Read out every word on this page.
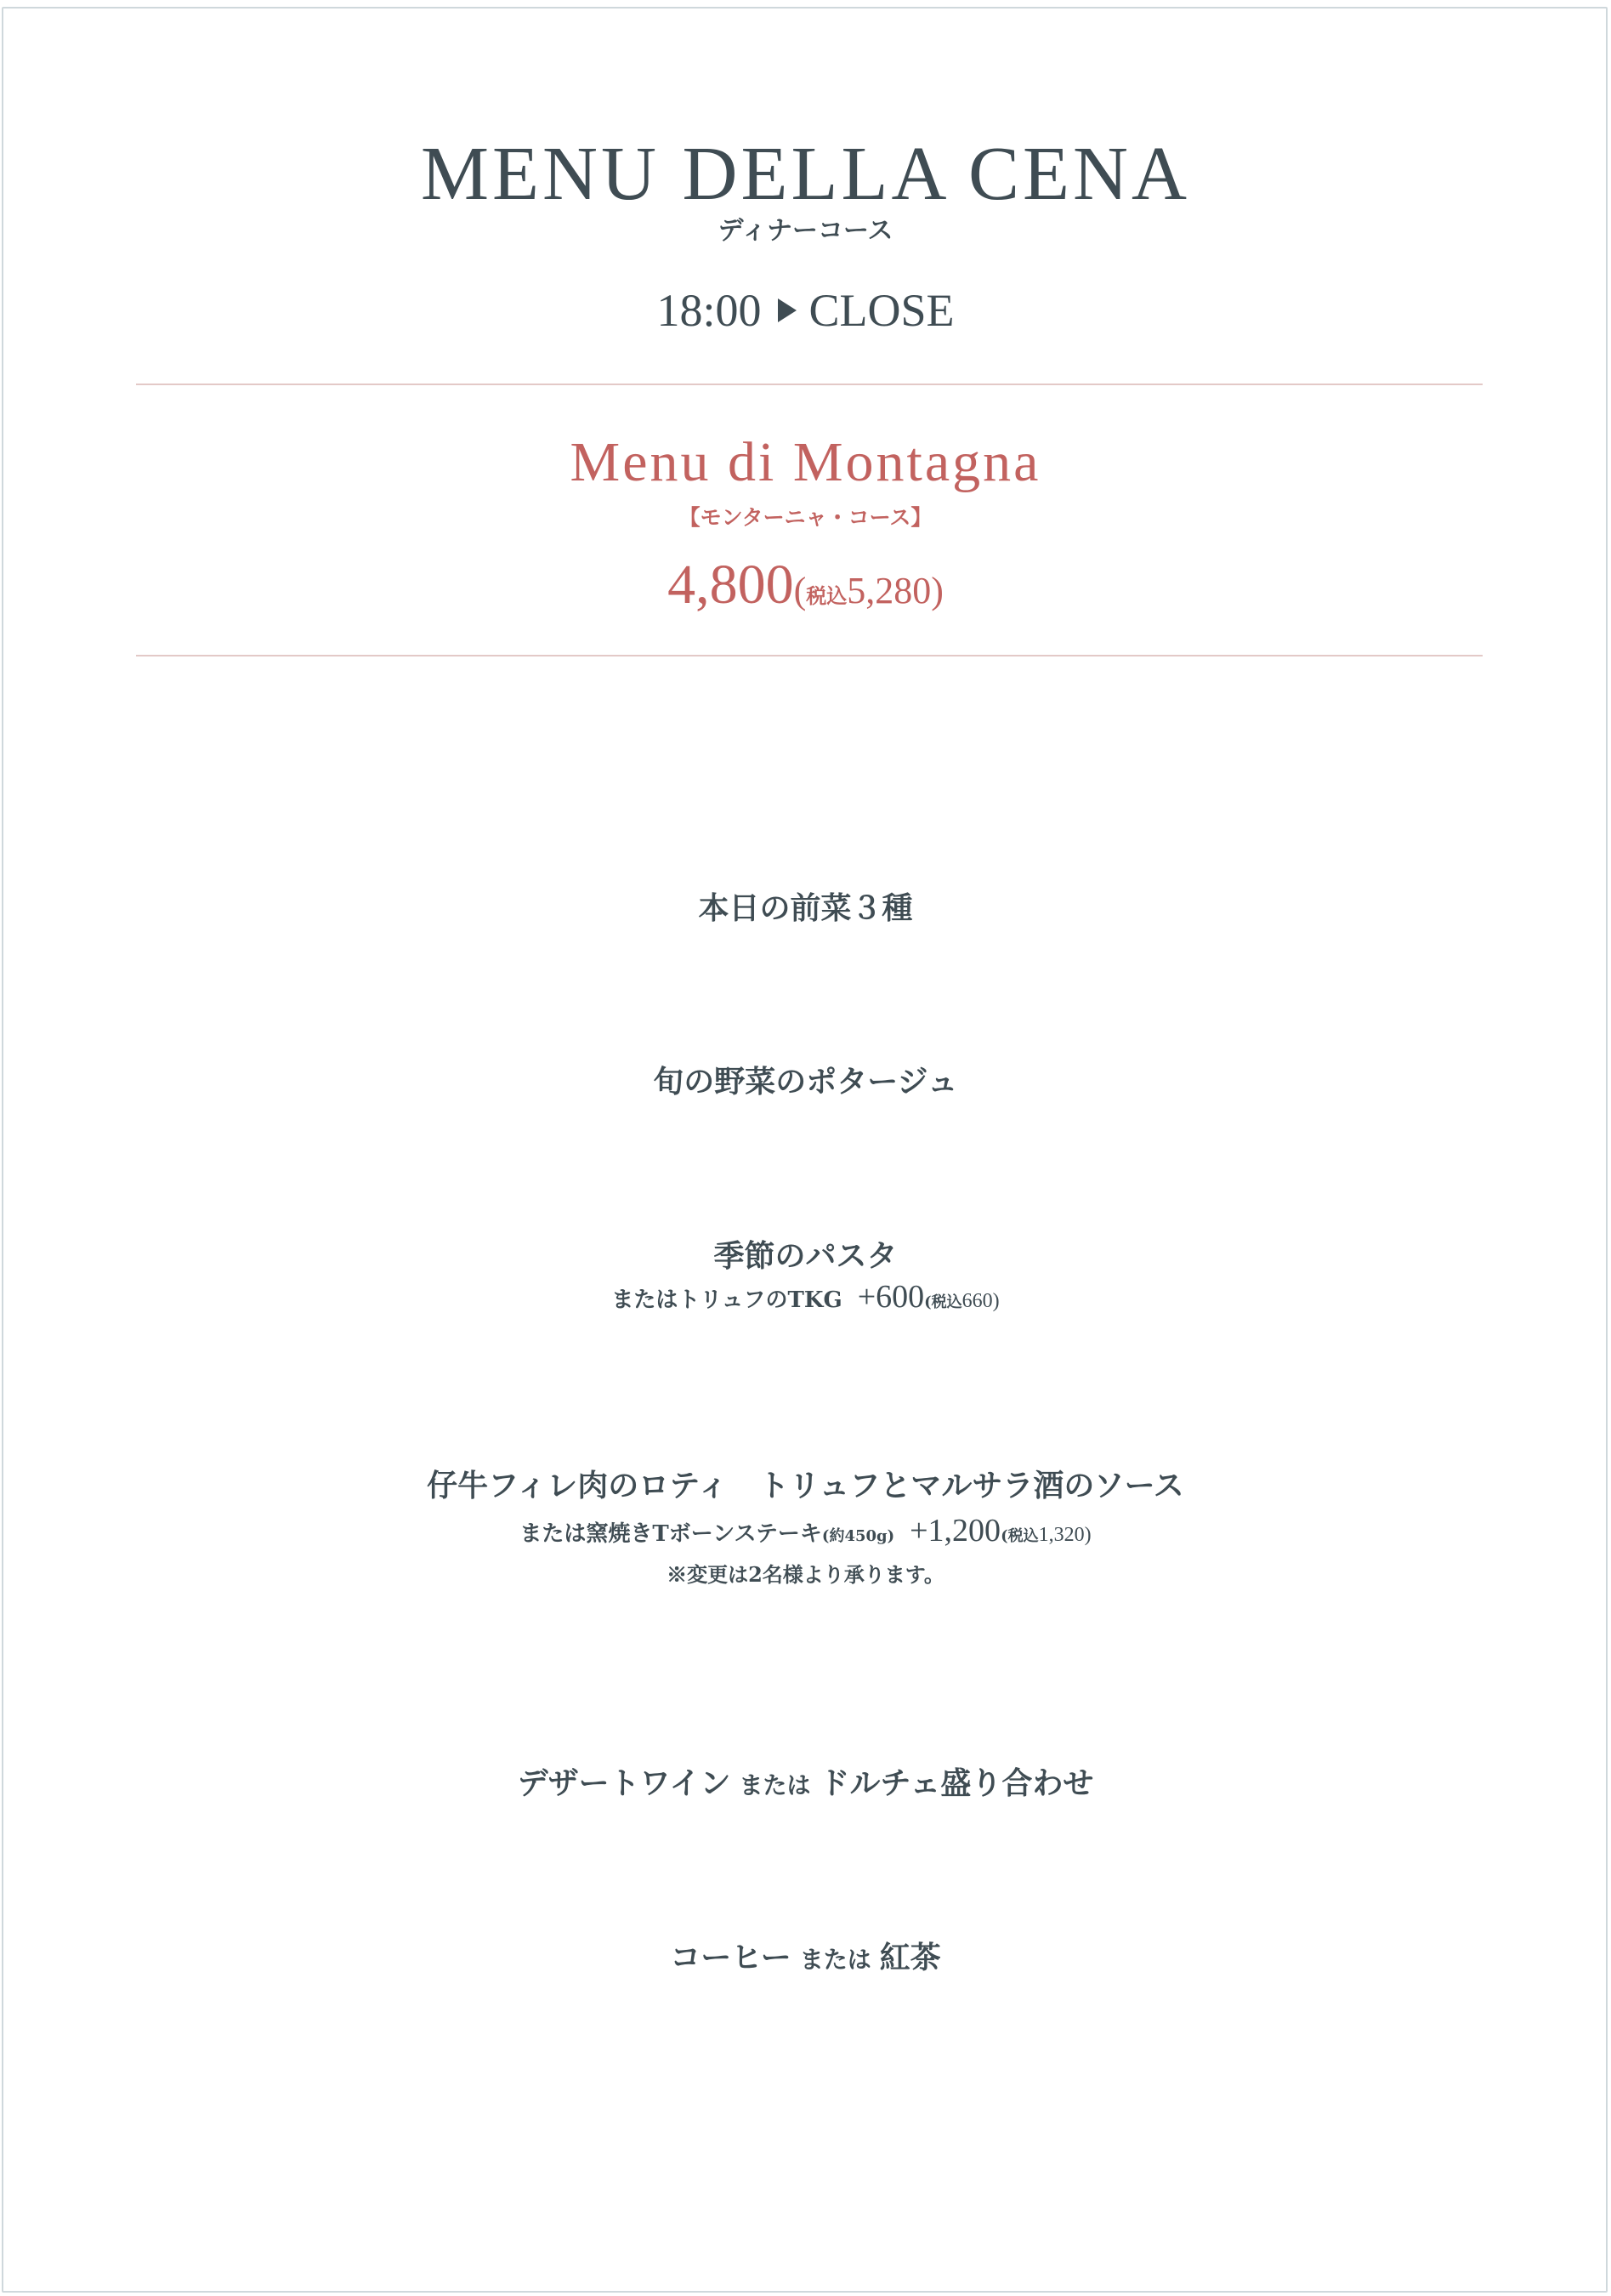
MENU DELLA CENA
ディナーコース
18:00 CLOSE
Menu di Montagna
【モンターニャ・コース】
4,800(税込5,280)
本日の前菜３種
旬の野菜のポタージュ
季節のパスタ
またはトリュフのTKG +600(税込660)
仔牛フィレ肉のロティ　トリュフとマルサラ酒のソース
または窯焼きTボーンステーキ(約450g) +1,200(税込1,320)
※変更は2名様より承ります。
デザートワイン または ドルチェ盛り合わせ
コーヒー または 紅茶
